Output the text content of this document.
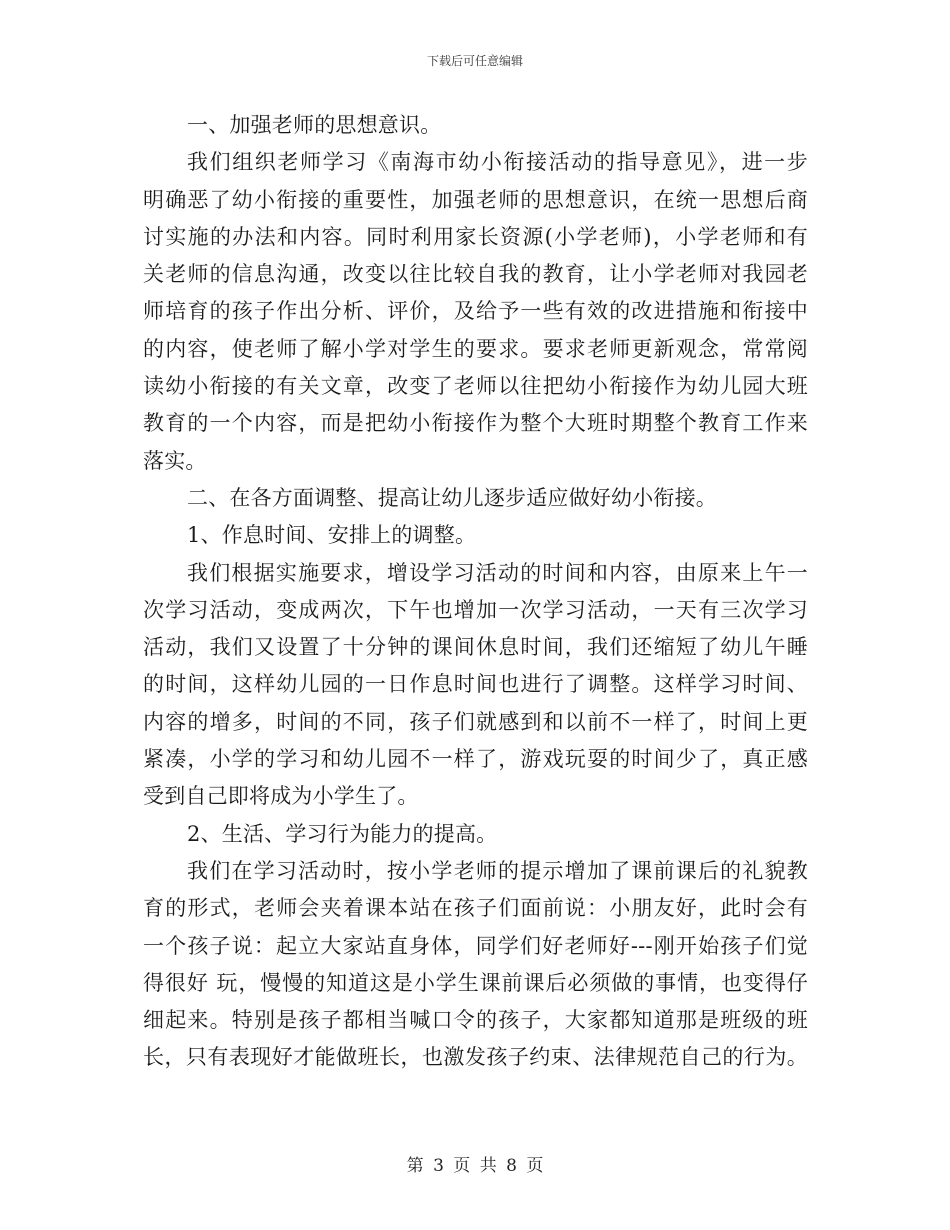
下载后可任意编辑
一、加强老师的思想意识。
我们组织老师学习《南海市幼小衔接活动的指导意见》，进一步
明确恶了幼小衔接的重要性，加强老师的思想意识，在统一思想后商
讨实施的办法和内容。同时利用家长资源(小学老师)，小学老师和有
关老师的信息沟通，改变以往比较自我的教育，让小学老师对我园老
师培育的孩子作出分析、评价，及给予一些有效的改进措施和衔接中
的内容，使老师了解小学对学生的要求。要求老师更新观念，常常阅
读幼小衔接的有关文章，改变了老师以往把幼小衔接作为幼儿园大班
教育的一个内容，而是把幼小衔接作为整个大班时期整个教育工作来
落实。
二、在各方面调整、提高让幼儿逐步适应做好幼小衔接。
1、作息时间、安排上的调整。
我们根据实施要求，增设学习活动的时间和内容，由原来上午一
次学习活动，变成两次，下午也增加一次学习活动，一天有三次学习
活动，我们又设置了十分钟的课间休息时间，我们还缩短了幼儿午睡
的时间，这样幼儿园的一日作息时间也进行了调整。这样学习时间、
内容的增多，时间的不同，孩子们就感到和以前不一样了，时间上更
紧凑，小学的学习和幼儿园不一样了，游戏玩耍的时间少了，真正感
受到自己即将成为小学生了。
2、生活、学习行为能力的提高。
我们在学习活动时，按小学老师的提示增加了课前课后的礼貌教
育的形式，老师会夹着课本站在孩子们面前说：小朋友好，此时会有
一个孩子说：起立大家站直身体，同学们好老师好---刚开始孩子们觉
得很好 玩，慢慢的知道这是小学生课前课后必须做的事情，也变得仔
细起来。特别是孩子都相当喊口令的孩子，大家都知道那是班级的班
长，只有表现好才能做班长，也激发孩子约束、法律规范自己的行为。
第 3 页 共 8 页
